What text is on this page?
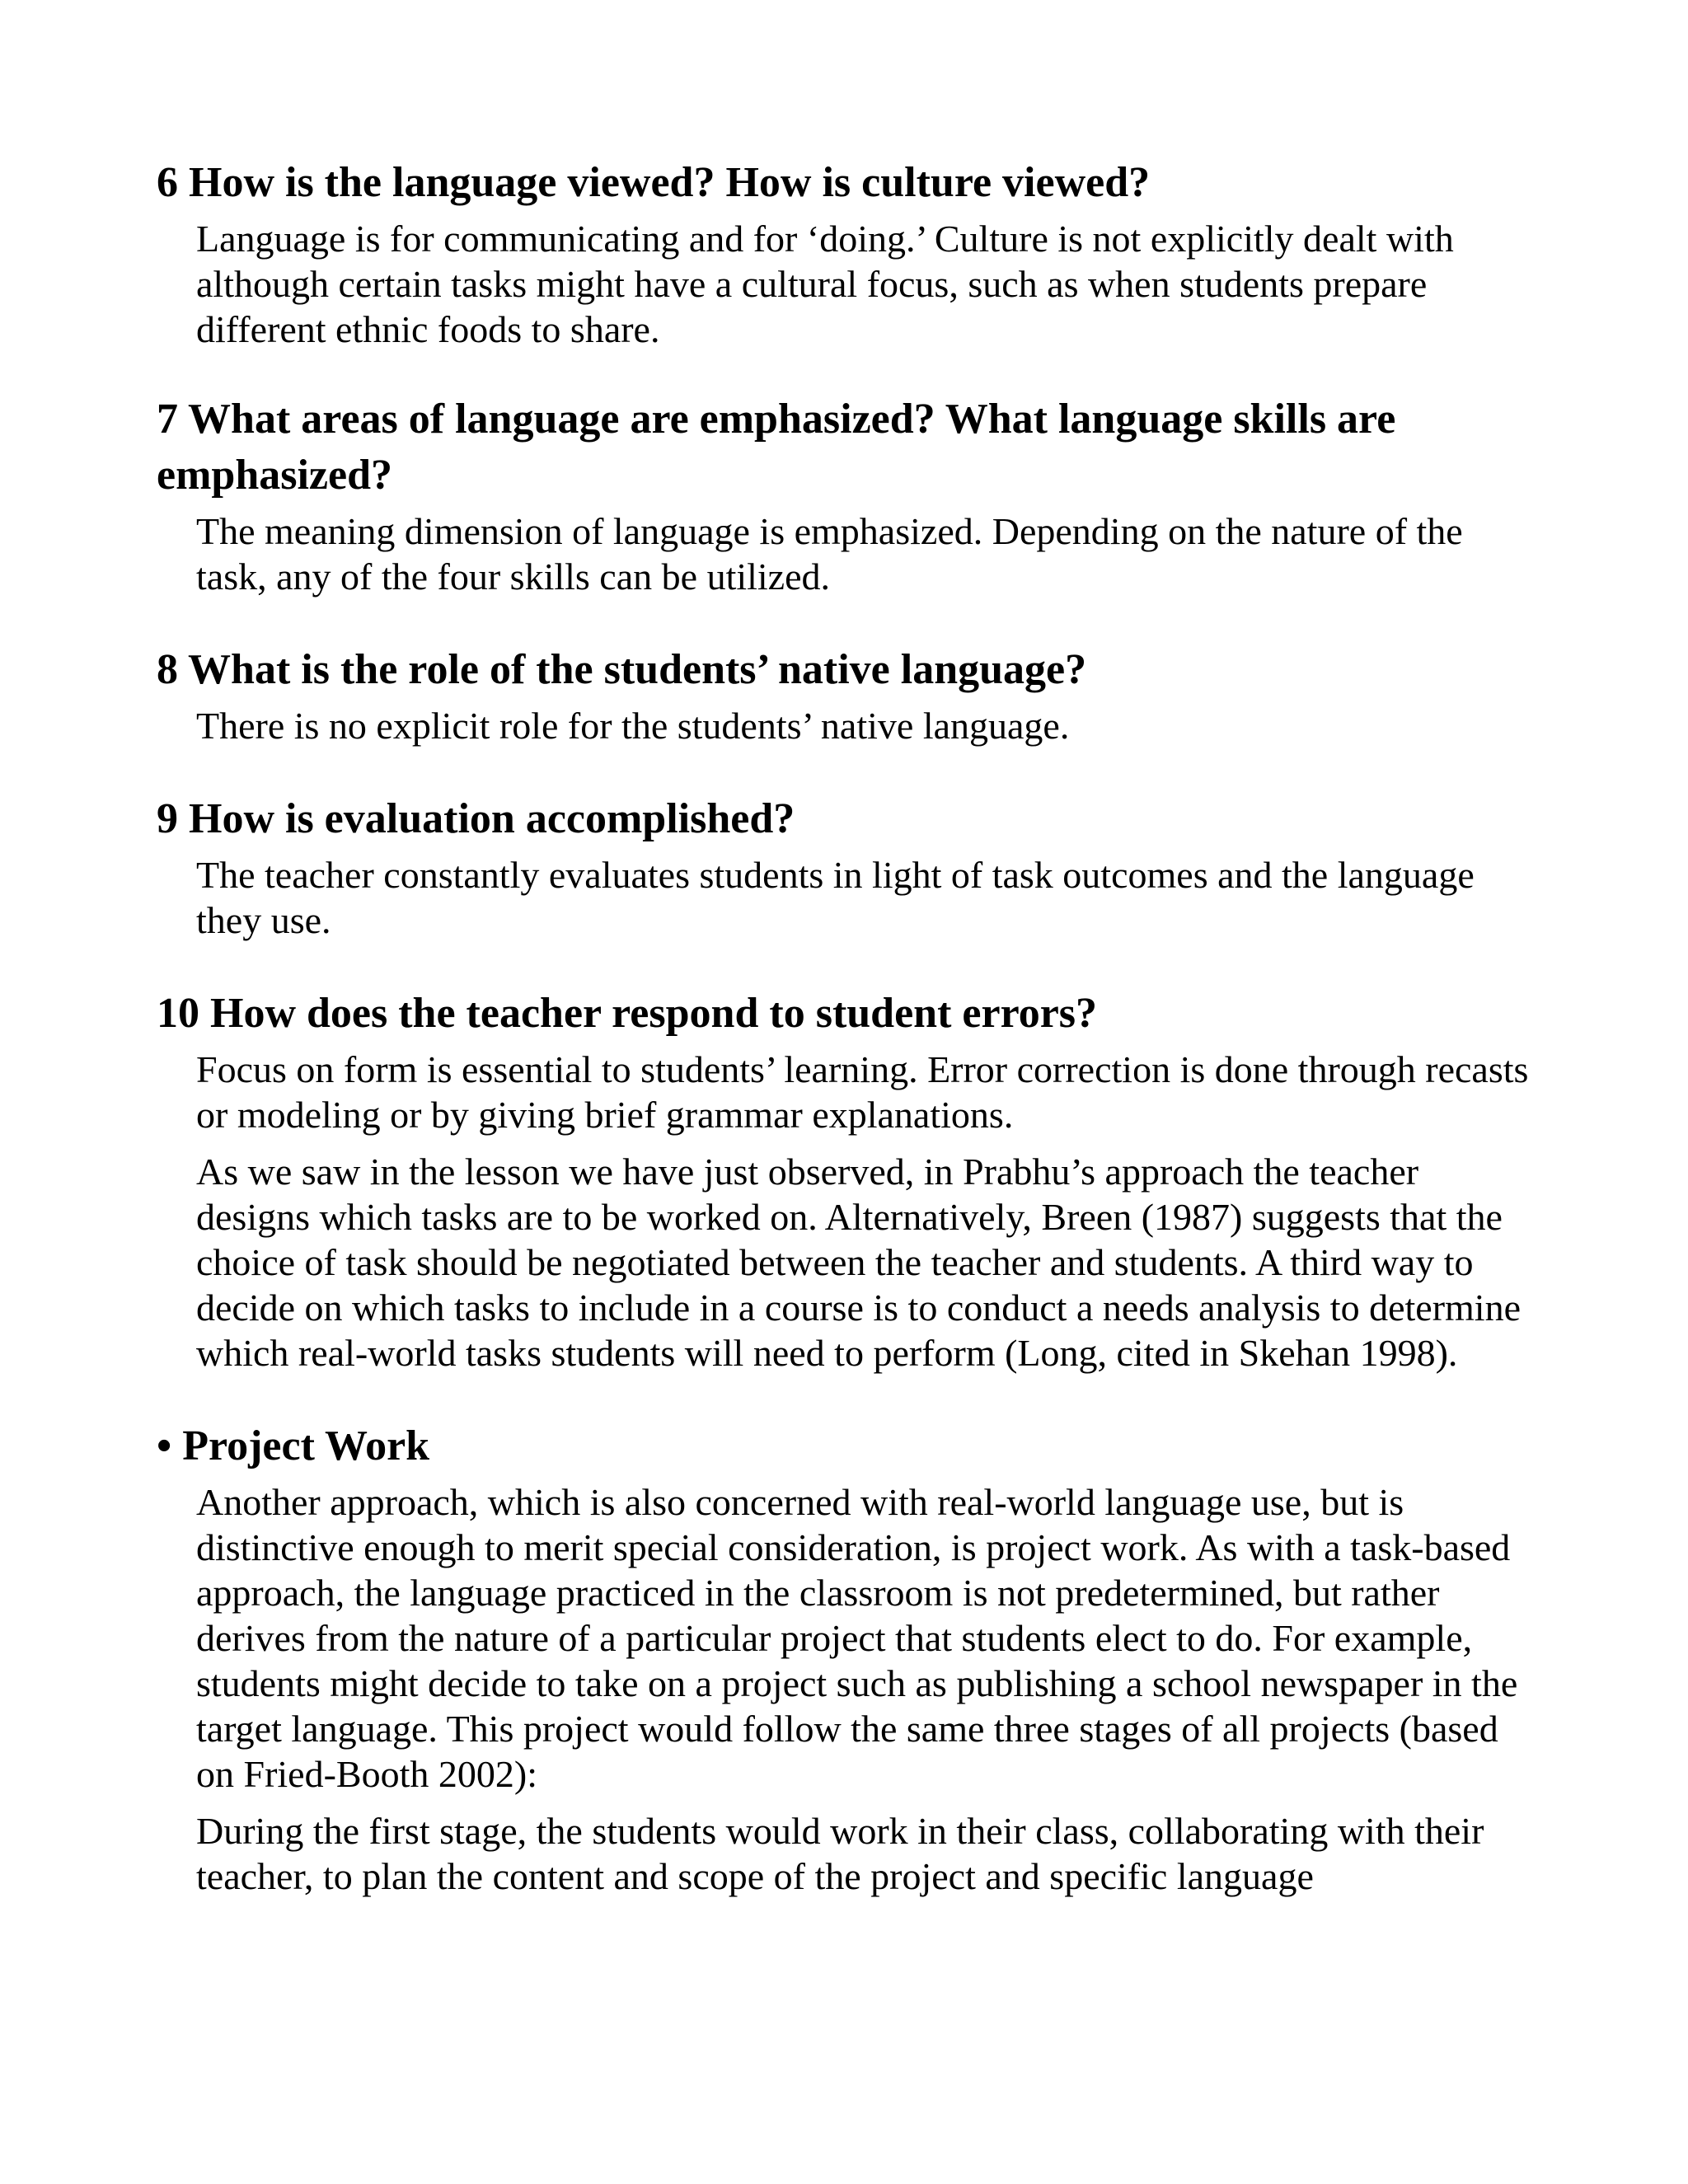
6 How is the language viewed? How is culture viewed?

Language is for communicating and for ‘doing.’ Culture is not explicitly dealt with although certain tasks might have a cultural focus, such as when students prepare different ethnic foods to share.

7 What areas of language are emphasized? What language skills are emphasized?

The meaning dimension of language is emphasized. Depending on the nature of the task, any of the four skills can be utilized.

8 What is the role of the students’ native language?

There is no explicit role for the students’ native language.

9 How is evaluation accomplished?

The teacher constantly evaluates students in light of task outcomes and the language they use.

10 How does the teacher respond to student errors?

Focus on form is essential to students’ learning. Error correction is done through recasts or modeling or by giving brief grammar explanations.

As we saw in the lesson we have just observed, in Prabhu’s approach the teacher designs which tasks are to be worked on. Alternatively, Breen (1987) suggests that the choice of task should be negotiated between the teacher and students. A third way to decide on which tasks to include in a course is to conduct a needs analysis to determine which real-world tasks students will need to perform (Long, cited in Skehan 1998).

• Project Work

Another approach, which is also concerned with real-world language use, but is distinctive enough to merit special consideration, is project work. As with a task-based approach, the language practiced in the classroom is not predetermined, but rather derives from the nature of a particular project that students elect to do. For example, students might decide to take on a project such as publishing a school newspaper in the target language. This project would follow the same three stages of all projects (based on Fried-Booth 2002):

During the first stage, the students would work in their class, collaborating with their teacher, to plan the content and scope of the project and specific language
